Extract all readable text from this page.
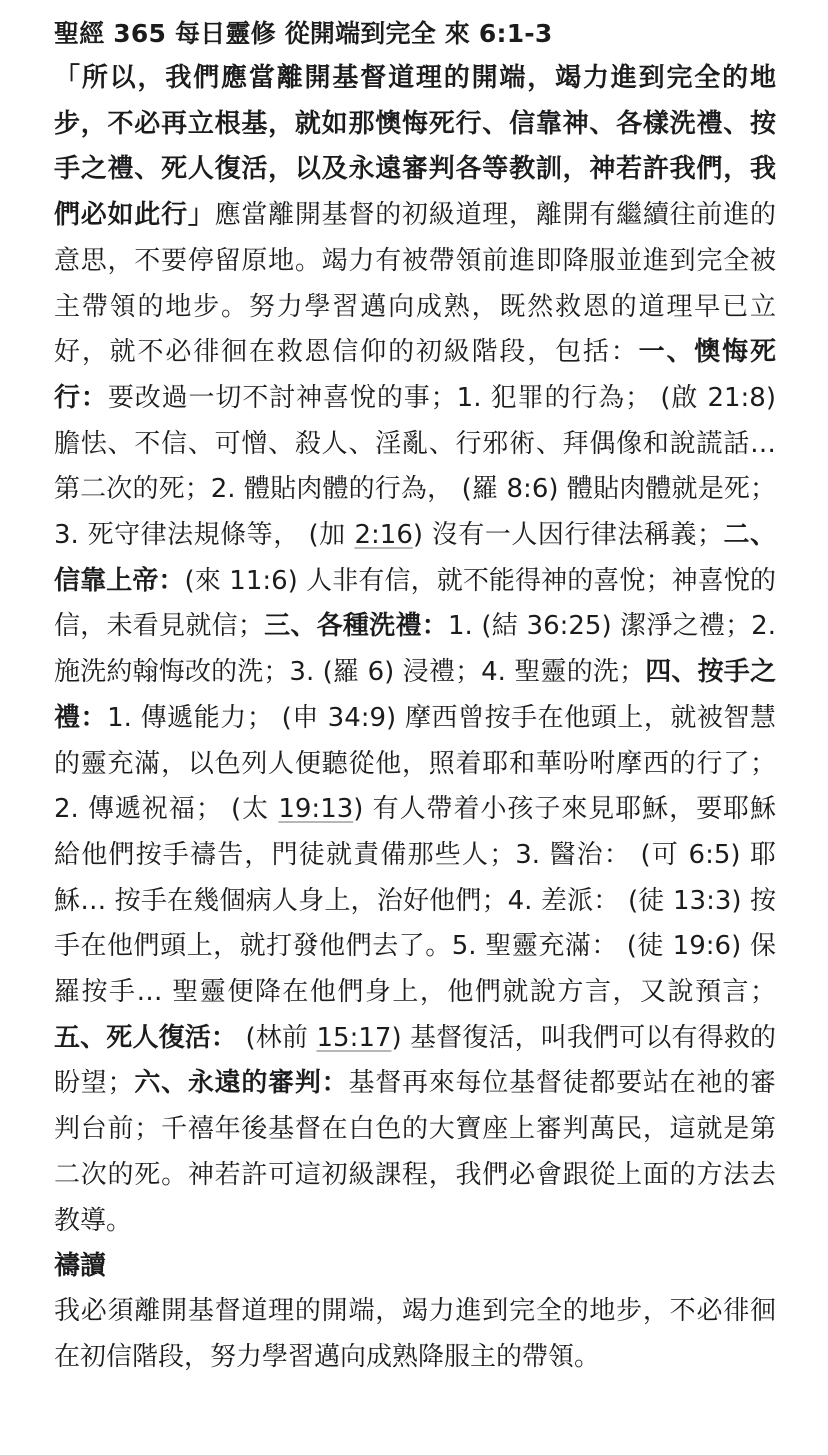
聖經 365 每日靈修 從開端到完全 來 6:1-3

「所以，我們應當離開基督道理的開端，竭力進到完全的地步，不必再立根基，就如那懊悔死行、信靠神、各樣洗禮、按手之禮、死人復活，以及永遠審判各等教訓，神若許我們，我們必如此行」應當離開基督的初級道理，離開有繼續往前進的意思，不要停留原地。竭力有被帶領前進即降服並進到完全被主帶領的地步。努力學習邁向成熟，既然救恩的道理早已立好，就不必徘徊在救恩信仰的初級階段，包括：一、懊悔死行：要改過一切不討神喜悅的事；1. 犯罪的行為； (啟 21:8) 膽怯、不信、可憎、殺人、淫亂、行邪術、拜偶像和說謊話… 第二次的死；2. 體貼肉體的行為， (羅 8:6) 體貼肉體就是死；3. 死守律法規條等， (加 2:16) 沒有一人因行律法稱義；二、信靠上帝：(來 11:6) 人非有信，就不能得神的喜悅；神喜悅的信，未看見就信；三、各種洗禮：1. (結 36:25) 潔淨之禮；2. 施洗約翰悔改的洗；3. (羅 6) 浸禮；4. 聖靈的洗；四、按手之禮：1. 傳遞能力； (申 34:9) 摩西曾按手在他頭上，就被智慧的靈充滿，以色列人便聽從他，照着耶和華吩咐摩西的行了；2. 傳遞祝福； (太 19:13) 有人帶着小孩子來見耶穌，要耶穌給他們按手禱告，門徒就責備那些人；3. 醫治： (可 6:5) 耶穌… 按手在幾個病人身上，治好他們；4. 差派： (徒 13:3) 按手在他們頭上，就打發他們去了。5. 聖靈充滿： (徒 19:6) 保羅按手… 聖靈便降在他們身上，他們就說方言，又說預言；五、死人復活： (林前 15:17) 基督復活，叫我們可以有得救的盼望；六、永遠的審判：基督再來每位基督徒都要站在祂的審判台前；千禧年後基督在白色的大寶座上審判萬民，這就是第二次的死。神若許可這初級課程，我們必會跟從上面的方法去教導。

禱讀

我必須離開基督道理的開端，竭力進到完全的地步，不必徘徊在初信階段，努力學習邁向成熟降服主的帶領。
